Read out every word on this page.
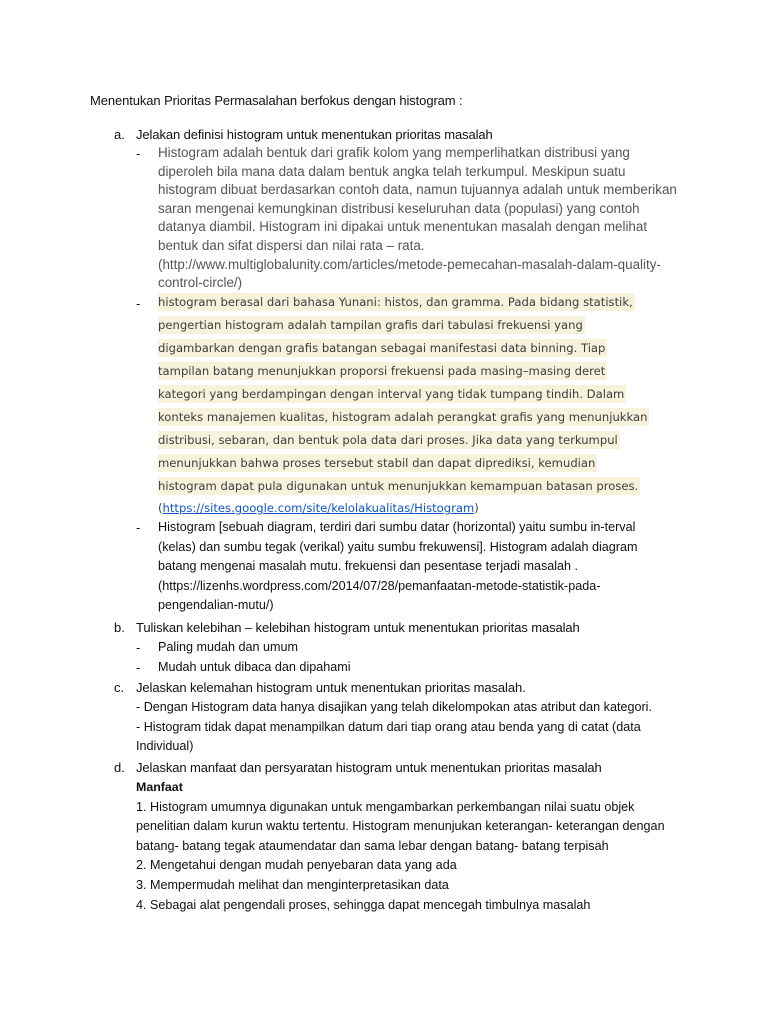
Menentukan Prioritas Permasalahan berfokus dengan histogram :
a. Jelakan definisi histogram untuk menentukan prioritas masalah
- Histogram adalah bentuk dari grafik kolom yang memperlihatkan distribusi yang

diperoleh bila mana data dalam bentuk angka telah terkumpul. Meskipun suatu

histogram dibuat berdasarkan contoh data, namun tujuannya adalah untuk memberikan

saran mengenai kemungkinan distribusi keseluruhan data (populasi) yang contoh

datanya diambil. Histogram ini dipakai untuk menentukan masalah dengan melihat

bentuk dan sifat dispersi dan nilai rata – rata.

(http://www.multiglobalunity.com/articles/metode-pemecahan-masalah-dalam-quality-

control-circle/)

- histogram berasal dari bahasa Yunani: histos, dan gramma. Pada bidang statistik,
pengertian histogram adalah tampilan grafis dari tabulasi frekuensi yang
digambarkan dengan grafis batangan sebagai manifestasi data binning. Tiap
tampilan batang menunjukkan proporsi frekuensi pada masing–masing deret
kategori yang berdampingan dengan interval yang tidak tumpang tindih. Dalam
konteks manajemen kualitas, histogram adalah perangkat grafis yang menunjukkan
distribusi, sebaran, dan bentuk pola data dari proses. Jika data yang terkumpul
menunjukkan bahwa proses tersebut stabil dan dapat diprediksi, kemudian
histogram dapat pula digunakan untuk menunjukkan kemampuan batasan proses.
(https://sites.google.com/site/kelolakualitas/Histogram)
- Histogram [sebuah diagram, terdiri dari sumbu datar (horizontal) yaitu sumbu in-terval

(kelas) dan sumbu tegak (verikal) yaitu sumbu frekuwensi]. Histogram adalah diagram

batang mengenai masalah mutu. frekuensi dan pesentase terjadi masalah .

(https://lizenhs.wordpress.com/2014/07/28/pemanfaatan-metode-statistik-pada-

pengendalian-mutu/)

b. Tuliskan kelebihan – kelebihan histogram untuk menentukan prioritas masalah
- Paling mudah dan umum

- Mudah untuk dibaca dan dipahami

c. Jelaskan kelemahan histogram untuk menentukan prioritas masalah.

- Dengan Histogram data hanya disajikan yang telah dikelompokan atas atribut dan kategori.

- Histogram tidak dapat menampilkan datum dari tiap orang atau benda yang di catat (data

Individual)

d. Jelaskan manfaat dan persyaratan histogram untuk menentukan prioritas masalah

Manfaat

1. Histogram umumnya digunakan untuk mengambarkan perkembangan nilai suatu objek

penelitian dalam kurun waktu tertentu. Histogram menunjukan keterangan- keterangan dengan

batang- batang tegak ataumendatar dan sama lebar dengan batang- batang terpisah

2. Mengetahui dengan mudah penyebaran data yang ada

3. Mempermudah melihat dan menginterpretasikan data

4. Sebagai alat pengendali proses, sehingga dapat mencegah timbulnya masalah
